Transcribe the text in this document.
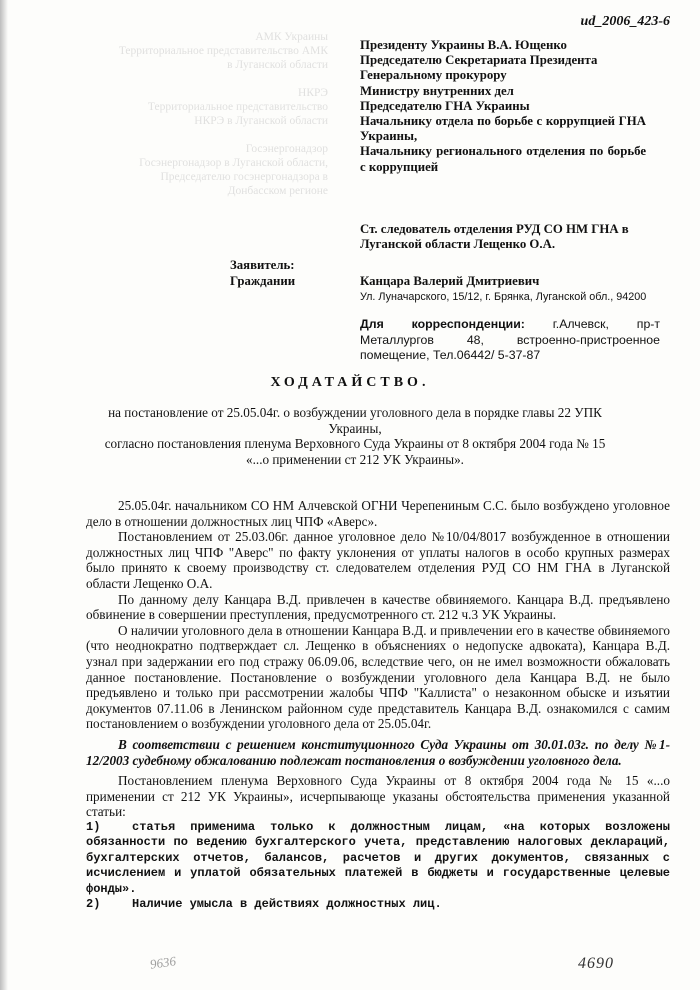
ud_2006_423-6
АМК Украины
Территориальное представительство АМК
в Луганской области
НКРЭ
Территориальное представительство
НКРЭ в Луганской области
Госэнергонадзор
Госэнергонадзор в Луганской области,
Председателю госэнергонадзора в
Донбасском регионе
Президенту Украины В.А. Ющенко
Председателю Секретариата Президента
Генеральному прокурору
Министру внутренних дел
Председателю ГНА Украины
Начальнику отдела по борьбе с коррупцией ГНА Украины,
Начальнику регионального отделения по борьбе с коррупцией
Ст. следователь отделения РУД СО НМ ГНА в Луганской области Лещенко О.А.
Заявитель:
Граждании	Канцара Валерий Дмитриевич
Ул. Луначарского, 15/12, г. Брянка, Луганской обл., 94200
Для корреспонденции: г.Алчевск, пр-т Металлургов 48, встроенно-пристроенное помещение, Тел.06442/ 5-37-87
ХОДАТАЙСТВО.
на постановление от 25.05.04г. о возбуждении уголовного дела в порядке главы 22 УПК Украины,
согласно постановления пленума Верховного Суда Украины от 8 октября 2004 года № 15 «...о применении ст 212 УК Украины».

25.05.04г. начальником СО НМ Алчевской ОГНИ Черепениным С.С. было возбуждено уголовное дело в отношении должностных лиц ЧПФ «Аверс».

Постановлением от 25.03.06г. данное уголовное дело №10/04/8017 возбужденное в отношении должностных лиц ЧПФ "Аверс" по факту уклонения от уплаты налогов в особо крупных размерах было принято к своему производству ст. следователем отделения РУД СО НМ ГНА в Луганской области Лещенко О.А.

По данному делу Канцара В.Д. привлечен в качестве обвиняемого. Канцара В.Д. предъявлено обвинение в совершении преступления, предусмотренного ст. 212 ч.3 УК Украины.

О наличии уголовного дела в отношении Канцара В.Д. и привлечении его в качестве обвиняемого (что неоднократно подтверждает сл. Лещенко в объяснениях о недопуске адвоката), Канцара В.Д. узнал при задержании его под стражу 06.09.06, вследствие чего, он не имел возможности обжаловать данное постановление. Постановление о возбуждении уголовного дела Канцара В.Д. не было предъявлено и только при рассмотрении жалобы ЧПФ "Каллиста" о незаконном обыске и изъятии документов 07.11.06 в Ленинском районном суде представитель Канцара В.Д. ознакомился с самим постановлением о возбуждении уголовного дела от 25.05.04г.

В соответствии с решением конституционного Суда Украины от 30.01.03г. по делу №1-12/2003 судебному обжалованию подлежат постановления о возбуждении уголовного дела.

Постановлением пленума Верховного Суда Украины от 8 октября 2004 года № 15 «...о применении ст 212 УК Украины», исчерпывающе указаны обстоятельства применения указанной статьи:

1)	статья применима только к должностным лицам, «на которых возложены обязанности по ведению бухгалтерского учета, представлению налоговых деклараций, бухгалтерских отчетов, балансов, расчетов и других документов, связанных с исчислением и уплатой обязательных платежей в бюджеты и государственные целевые фонды».

2)	Наличие умысла в действиях должностных лиц.

9636	4690
